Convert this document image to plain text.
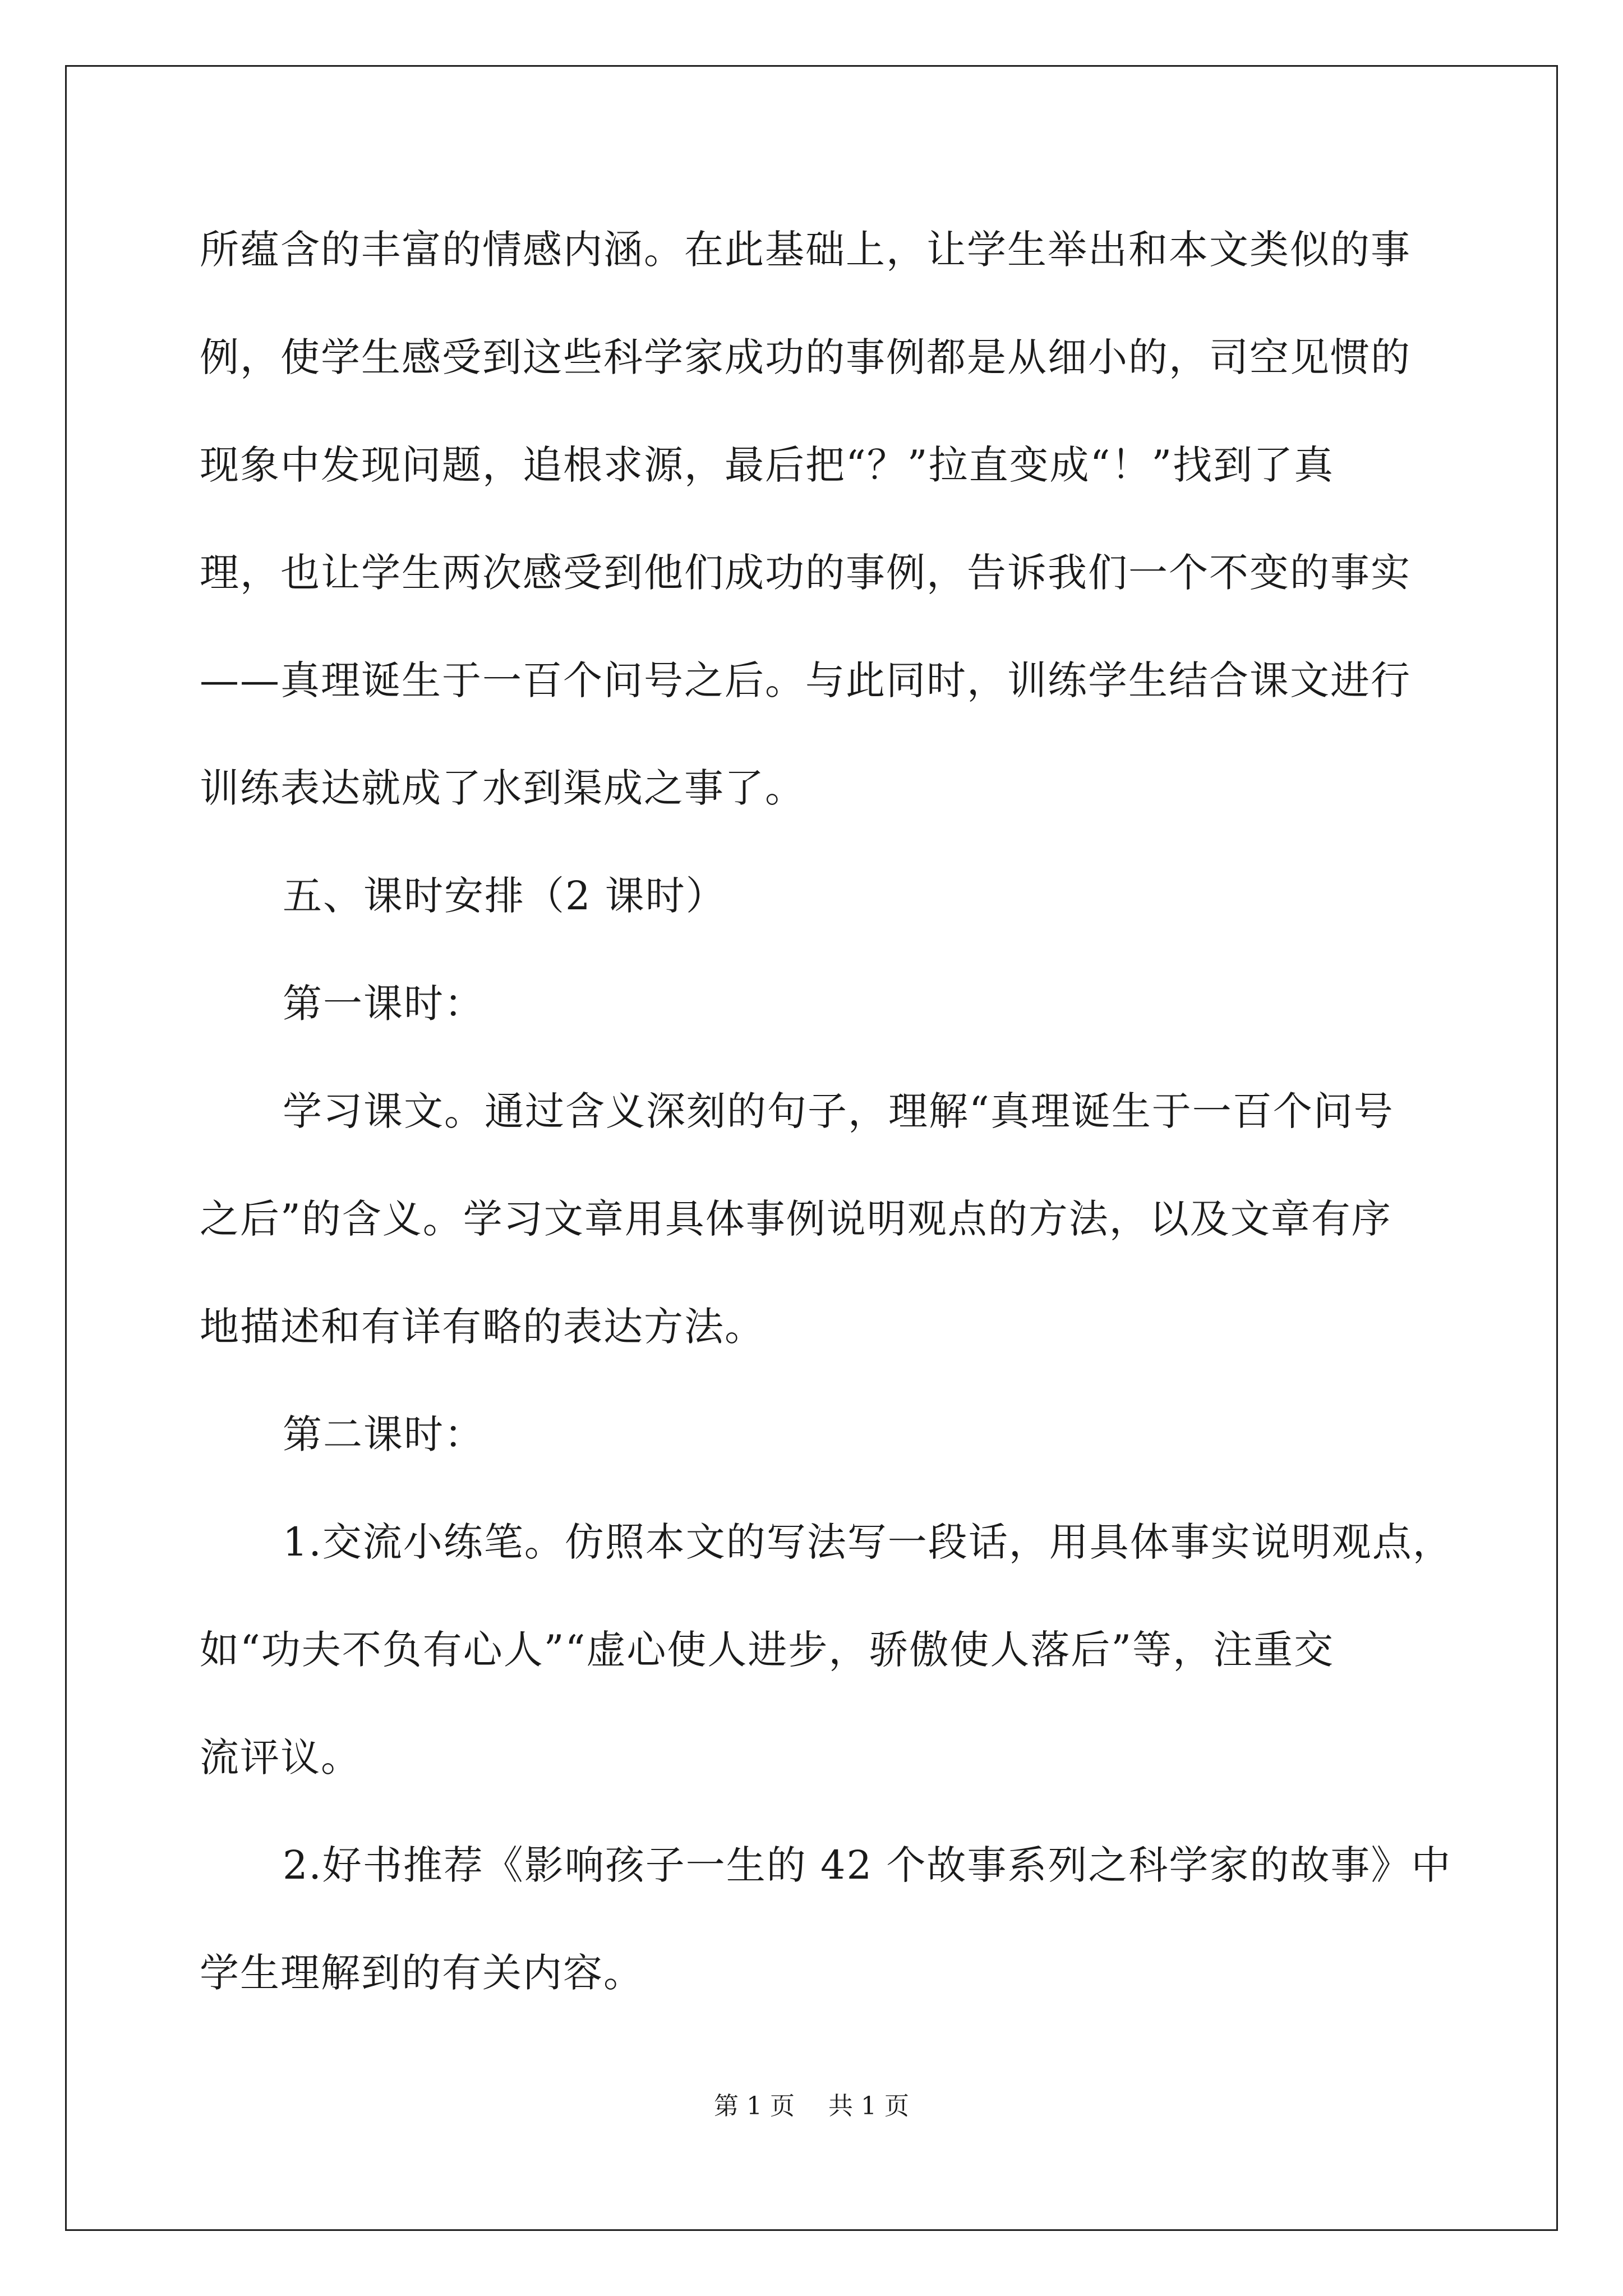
所蕴含的丰富的情感内涵。在此基础上，让学生举出和本文类似的事
例，使学生感受到这些科学家成功的事例都是从细小的，司空见惯的
现象中发现问题，追根求源，最后把“？”拉直变成“！”找到了真
理，也让学生两次感受到他们成功的事例，告诉我们一个不变的事实
——真理诞生于一百个问号之后。与此同时，训练学生结合课文进行
训练表达就成了水到渠成之事了。
五、课时安排（2 课时）
第一课时：
学习课文。通过含义深刻的句子，理解“真理诞生于一百个问号
之后”的含义。学习文章用具体事例说明观点的方法，以及文章有序
地描述和有详有略的表达方法。
第二课时：
1.交流小练笔。仿照本文的写法写一段话，用具体事实说明观点，
如“功夫不负有心人”“虚心使人进步，骄傲使人落后”等，注重交
流评议。
2.好书推荐《影响孩子一生的 42 个故事系列之科学家的故事》中
学生理解到的有关内容。
第 1 页 共 1 页
